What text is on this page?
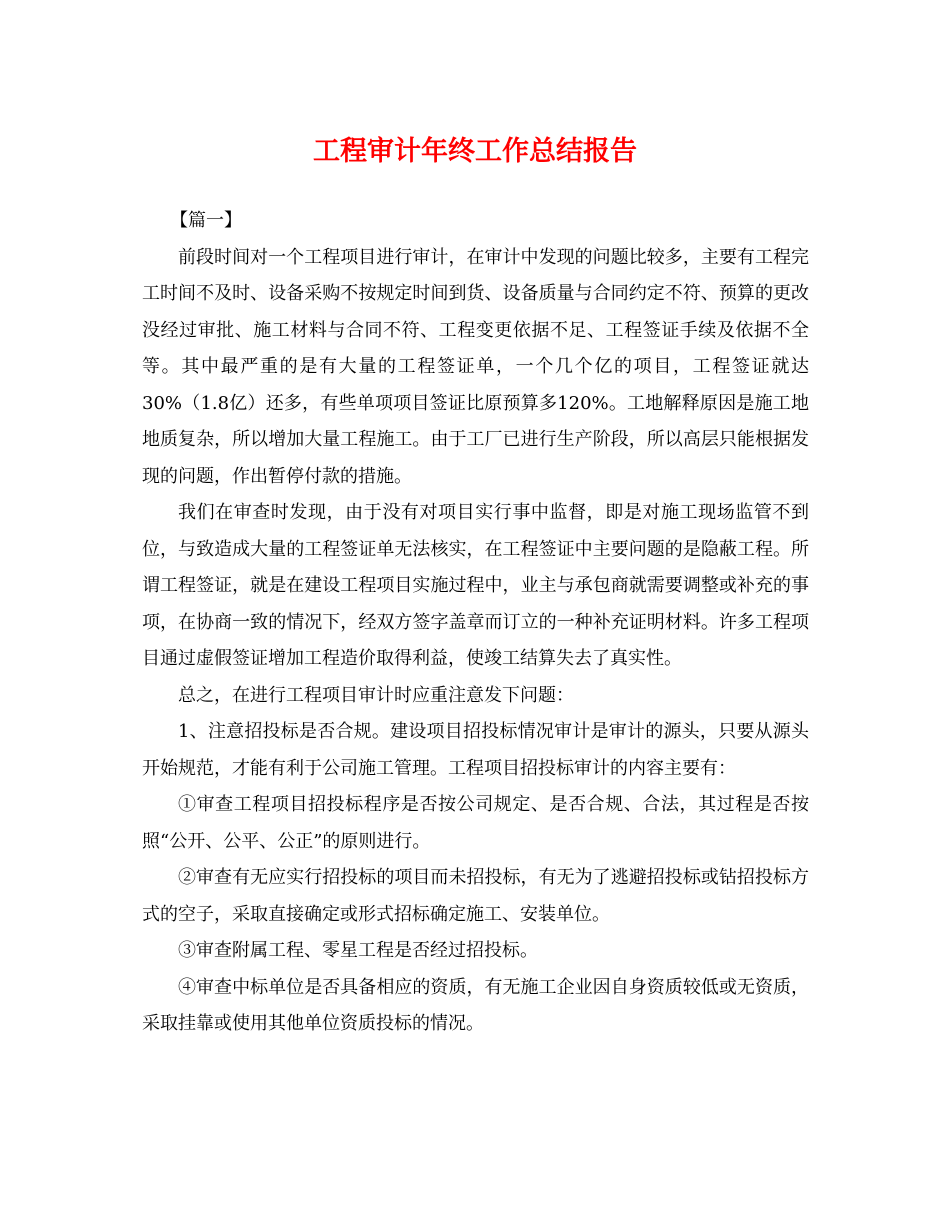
工程审计年终工作总结报告

【篇一】

前段时间对一个工程项目进行审计，在审计中发现的问题比较多，主要有工程完工时间不及时、设备采购不按规定时间到货、设备质量与合同约定不符、预算的更改没经过审批、施工材料与合同不符、工程变更依据不足、工程签证手续及依据不全等。其中最严重的是有大量的工程签证单，一个几个亿的项目，工程签证就达30%（1.8亿）还多，有些单项项目签证比原预算多120%。工地解释原因是施工地地质复杂，所以增加大量工程施工。由于工厂已进行生产阶段，所以高层只能根据发现的问题，作出暂停付款的措施。

我们在审查时发现，由于没有对项目实行事中监督，即是对施工现场监管不到位，与致造成大量的工程签证单无法核实，在工程签证中主要问题的是隐蔽工程。所谓工程签证，就是在建设工程项目实施过程中，业主与承包商就需要调整或补充的事项，在协商一致的情况下，经双方签字盖章而订立的一种补充证明材料。许多工程项目通过虚假签证增加工程造价取得利益，使竣工结算失去了真实性。

总之，在进行工程项目审计时应重注意发下问题：

1、注意招投标是否合规。建设项目招投标情况审计是审计的源头，只要从源头开始规范，才能有利于公司施工管理。工程项目招投标审计的内容主要有：

①审查工程项目招投标程序是否按公司规定、是否合规、合法，其过程是否按照“公开、公平、公正”的原则进行。

②审查有无应实行招投标的项目而未招投标，有无为了逃避招投标或钻招投标方式的空子，采取直接确定或形式招标确定施工、安装单位。

③审查附属工程、零星工程是否经过招投标。

④审查中标单位是否具备相应的资质，有无施工企业因自身资质较低或无资质，采取挂靠或使用其他单位资质投标的情况。
